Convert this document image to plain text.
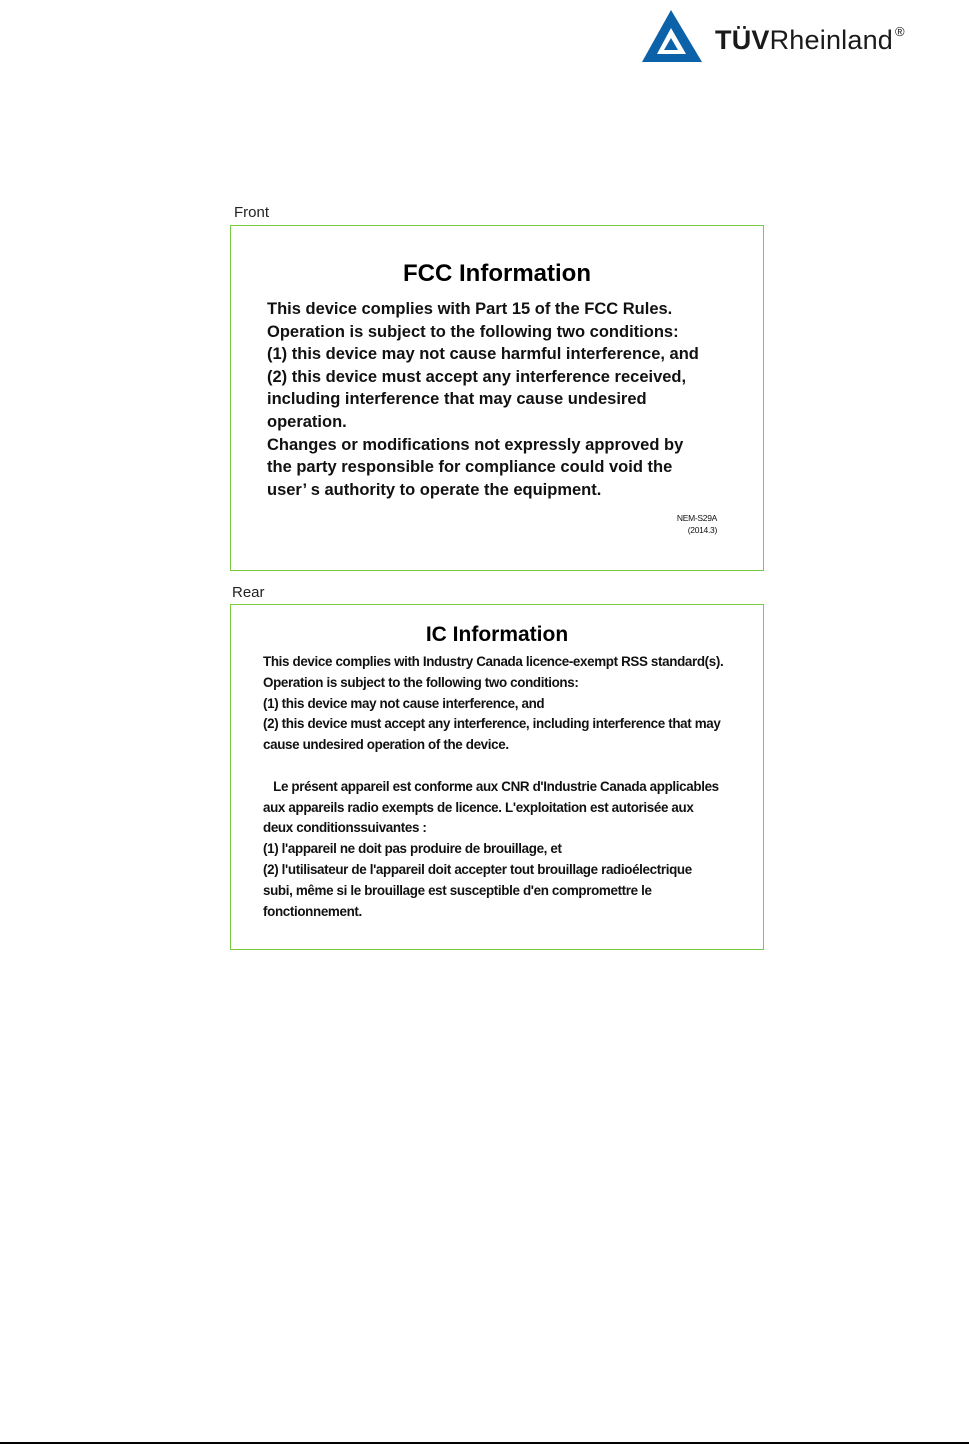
TÜVRheinland ®
Front
FCC Information
This device complies with Part 15 of the FCC Rules.
Operation is subject to the following two conditions:
(1) this device may not cause harmful interference, and
(2) this device must accept any interference received,
including interference that may cause undesired
operation.
Changes or modifications not expressly approved by
the party responsible for compliance could void the
user’ s authority to operate the equipment.
NEM-S29A
(2014.3)
Rear
IC Information
This device complies with Industry Canada licence-exempt RSS standard(s).
Operation is subject to the following two conditions:
(1) this device may not cause interference, and
(2) this device must accept any interference, including interference that may
cause undesired operation of the device.
Le présent appareil est conforme aux CNR d'Industrie Canada applicables
aux appareils radio exempts de licence. L'exploitation est autorisée aux
deux conditionssuivantes :
(1) l'appareil ne doit pas produire de brouillage, et
(2) l'utilisateur de l'appareil doit accepter tout brouillage radioélectrique
subi, même si le brouillage est susceptible d'en compromettre le
fonctionnement.
